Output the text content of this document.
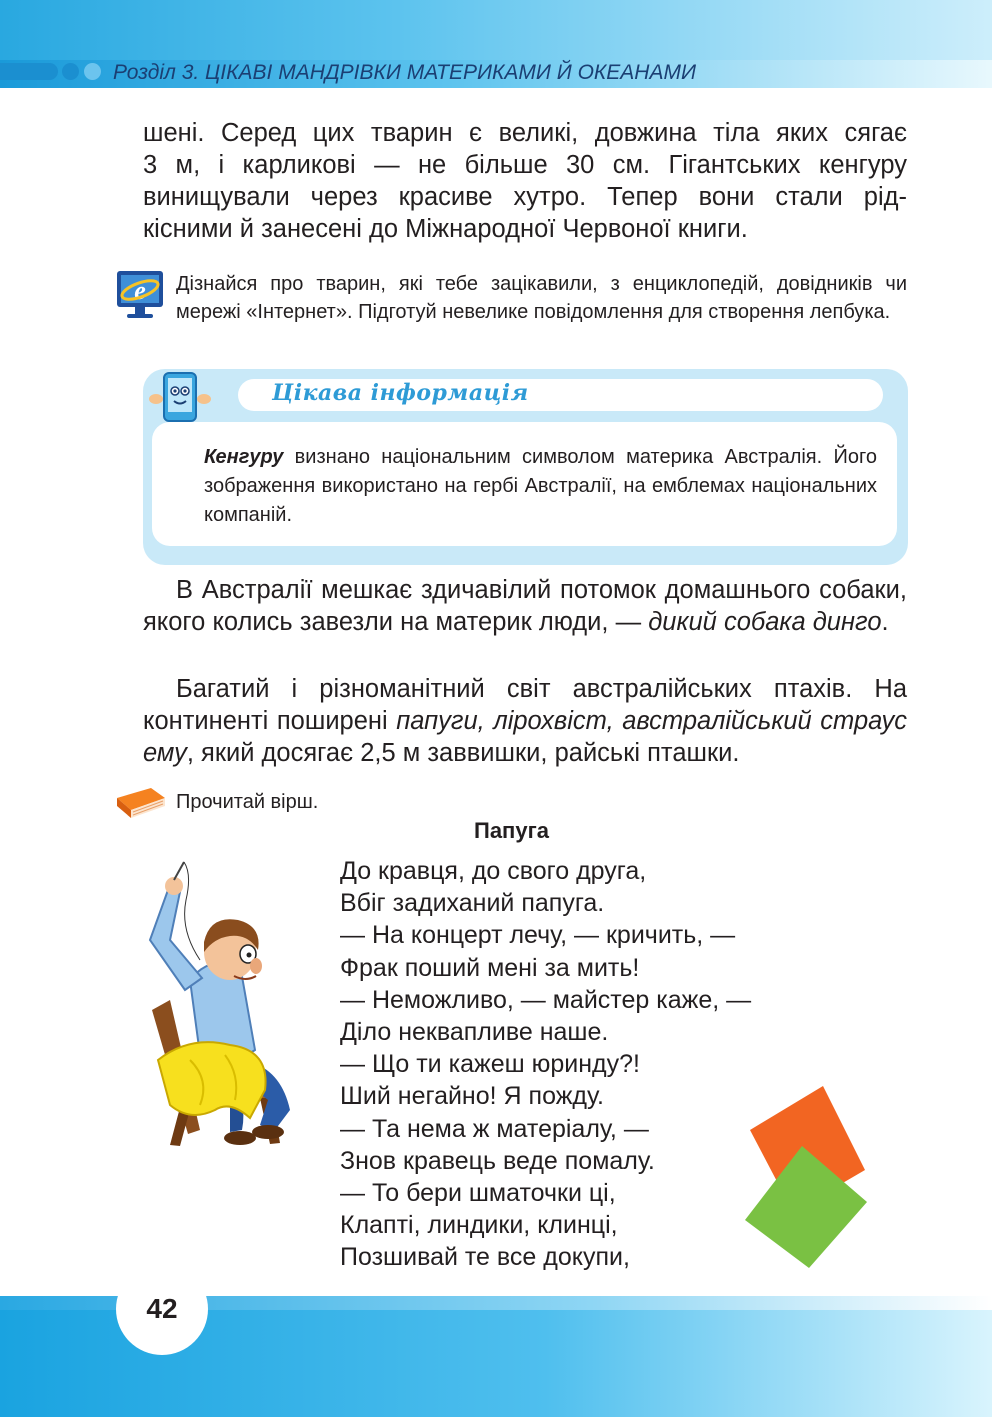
Розділ 3. ЦІКАВІ МАНДРІВКИ МАТЕРИКАМИ Й ОКЕАНАМИ
шені. Серед цих тварин є великі, довжина тіла яких сягає
3 м, і карликові — не більше 30 см. Гігантських кенгуру
винищували через красиве хутро. Тепер вони стали рід-
кісними й занесені до Міжнародної Червоної книги.
e Дізнайся про тварин, які тебе зацікавили, з енциклопедій, довідників чи мережі «Інтернет». Підготуй невелике повідомлення для створення лепбука.
Цікава інформація

Кенгуру визнано національним символом материка Австралія. Його зображення використано на гербі Австралії, на емблемах національних компаній.

В Австралії мешкає здичавілий потомок домашнього собаки, якого колись завезли на материк люди, — дикий собака динго.

Багатий і різноманітний світ австралійських птахів. На континенті поширені папуги, лірохвіст, австралійський страус ему, який досягає 2,5 м заввишки, райські пташки.

Прочитай вірш.
Папуга
До кравця, до свого друга,
Вбіг задиханий папуга.
— На концерт лечу, — кричить, —
Фрак поший мені за мить!
— Неможливо, — майстер каже, —
Діло неквапливе наше.
— Що ти кажеш юринду?!
Ший негайно! Я пожду.
— Та нема ж матеріалу, —
Знов кравець веде помалу.
— То бери шматочки ці,
Клапті, линдики, клинці,
Позшивай те все докупи,
42
